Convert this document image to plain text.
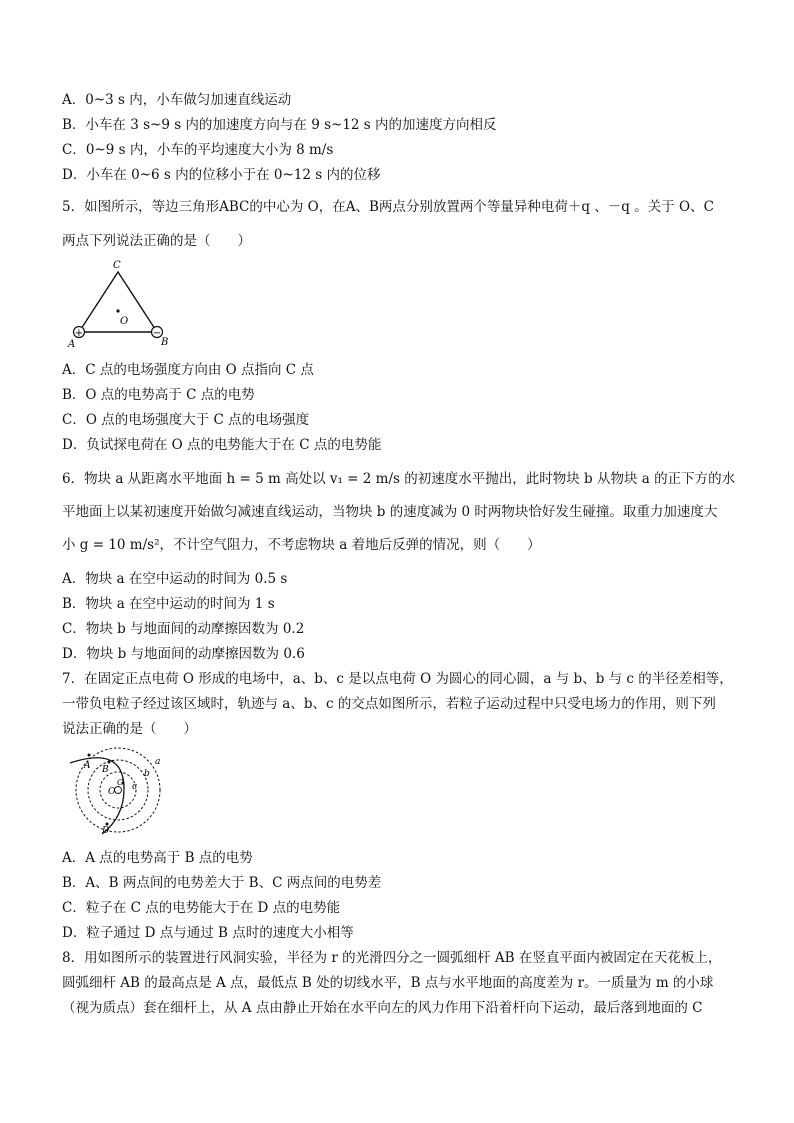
A．0~3 s 内，小车做匀加速直线运动
B．小车在 3 s~9 s 内的加速度方向与在 9 s~12 s 内的加速度方向相反
C．0~9 s 内，小车的平均速度大小为 8 m/s
D．小车在 0~6 s 内的位移小于在 0~12 s 内的位移
5．如图所示，等边三角形ABC的中心为 O，在A、B两点分别放置两个等量异种电荷＋q 、－q 。关于 O、C
两点下列说法正确的是（　　）
+	−
C
O
A	B
A．C 点的电场强度方向由 O 点指向 C 点
B．O 点的电势高于 C 点的电势
C．O 点的电场强度大于 C 点的电场强度
D．负试探电荷在 O 点的电势能大于在 C 点的电势能
6．物块 a 从距离水平地面 h = 5 m 高处以 v₁ = 2 m/s 的初速度水平抛出，此时物块 b 从物块 a 的正下方的水
平地面上以某初速度开始做匀减速直线运动，当物块 b 的速度减为 0 时两物块恰好发生碰撞。取重力加速度大
小 g = 10 m/s²，不计空气阻力，不考虑物块 a 着地后反弹的情况，则（　　）
A．物块 a 在空中运动的时间为 0.5 s
B．物块 a 在空中运动的时间为 1 s
C．物块 b 与地面间的动摩擦因数为 0.2
D．物块 b 与地面间的动摩擦因数为 0.6
7．在固定正点电荷 O 形成的电场中，a、b、c 是以点电荷 O 为圆心的同心圆，a 与 b、b 与 c 的半径差相等，
一带负电粒子经过该区域时，轨迹与 a、b、c 的交点如图所示，若粒子运动过程中只受电场力的作用，则下列
说法正确的是（　　）
A B
C
D
O
a
b
c
A．A 点的电势高于 B 点的电势
B．A、B 两点间的电势差大于 B、C 两点间的电势差
C．粒子在 C 点的电势能大于在 D 点的电势能
D．粒子通过 D 点与通过 B 点时的速度大小相等
8．用如图所示的装置进行风洞实验，半径为 r 的光滑四分之一圆弧细杆 AB 在竖直平面内被固定在天花板上，
圆弧细杆 AB 的最高点是 A 点，最低点 B 处的切线水平，B 点与水平地面的高度差为 r。一质量为 m 的小球
（视为质点）套在细杆上，从 A 点由静止开始在水平向左的风力作用下沿着杆向下运动，最后落到地面的 C
